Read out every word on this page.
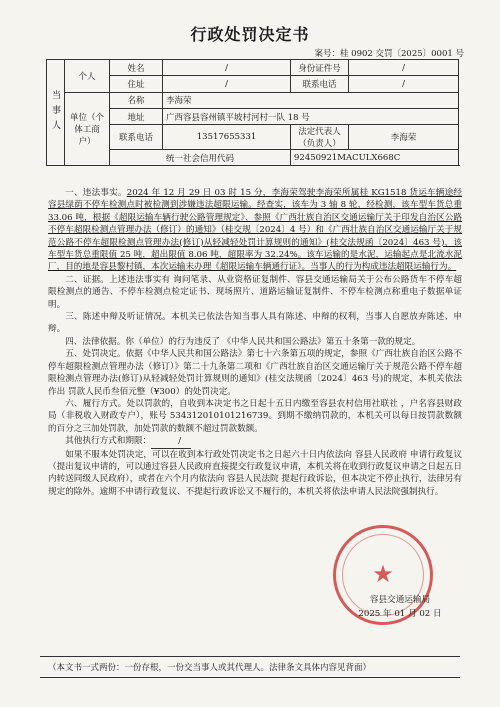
行政处罚决定书
案号：桂 0902 交罚〔2025〕0001 号
当事人	个人	姓名	/	身份证件号	/
		住址	/	联系电话	/
	单位（个体工商户）	名称	李海荣		
		地址	广西容县容州镇平坡村河村一队 18 号		
		联系电话	13517655331	法定代表人（负责人）	李海荣

		统一社会信用代码		92450921MACULX668C	

一、违法事实。2024 年 12 月 29 日 03 时 15 分，李海荣驾驶李海荣所属桂 KG1518 货运车辆途经容县绿荫不停车检测点时被检测到涉嫌违法超限运输。经查实，该车为 3 轴 8 轮，经检测，该车型车货总重 33.06 吨，根据《超限运输车辆行驶公路管理规定》、参照《广西壮族自治区交通运输厅关于印发自治区公路不停车超限检测点管理办法（修订）的通知》（桂交规〔2024〕4 号）和《广西壮族自治区交通运输厅关于规范公路不停车超限检测点管理办法(修订)从轻减轻处罚计算规则的通知》(桂交法规函〔2024〕463 号)，该车型车货总重限值 25 吨，超出限值 8.06 吨，超限率为 32.24%。该车运输的是水泥，运输起点是北流水泥厂，目的地是容县黎村镇，本次运输未办理《超限运输车辆通行证》。当事人的行为构成违法超限运输行为。

二、证据。上述违法事实有 询问笔录、从业资格证复制件、容县交通运输局关于公布公路货车不停车超限检测点的通告、不停车检测点检定证书、现场照片、道路运输证复制件、不停车检测点称重电子数据单证明。

三、陈述申辩及听证情况。本机关已依法告知当事人具有陈述、申辩的权利，当事人自愿放弃陈述、申辩。

四、法律依据。你（单位）的行为违反了 《中华人民共和国公路法》第五十条第一款的规定。

五、处罚决定。依据《中华人民共和国公路法》第七十六条第五项的规定，参照《广西壮族自治区公路不停车超限检测点管理办法（修订）》第二十九条第二项和《广西壮族自治区交通运输厅关于规范公路不停车超限检测点管理办法(修订)从轻减轻处罚计算规则的通知》(桂交法规函〔2024〕463 号)的规定，本机关依法作出 罚款人民币叁佰元整（¥300）的处罚决定。

六、履行方式。处以罚款的，自收到本决定书之日起十五日内缴至容县农村信用社联社 ，户名容县财政局（非税收入财政专户），账号 534312010101216739。到期不缴纳罚款的，本机关可以每日按罚款数额的百分之三加处罚款，加处罚款的数额不超过罚款数额。

其他执行方式和期限：	/

如果不服本处罚决定，可以在收到本行政处罚决定书之日起六十日内依法向 容县人民政府 申请行政复议（提出复议申请的，可以通过容县人民政府直接提交行政复议申请，本机关将在收到行政复议申请之日起五日内转送同级人民政府），或者在六个月内依法向 容县人民法院 提起行政诉讼，但本决定不停止执行，法律另有规定的除外。逾期不申请行政复议、不提起行政诉讼又不履行的，本机关将依法申请人民法院强制执行。

★
容县交通运输局
2025 年 01 月 02 日
（本文书一式两份：一份存根，一份交当事人或其代理人。法律条文具体内容见背面）
